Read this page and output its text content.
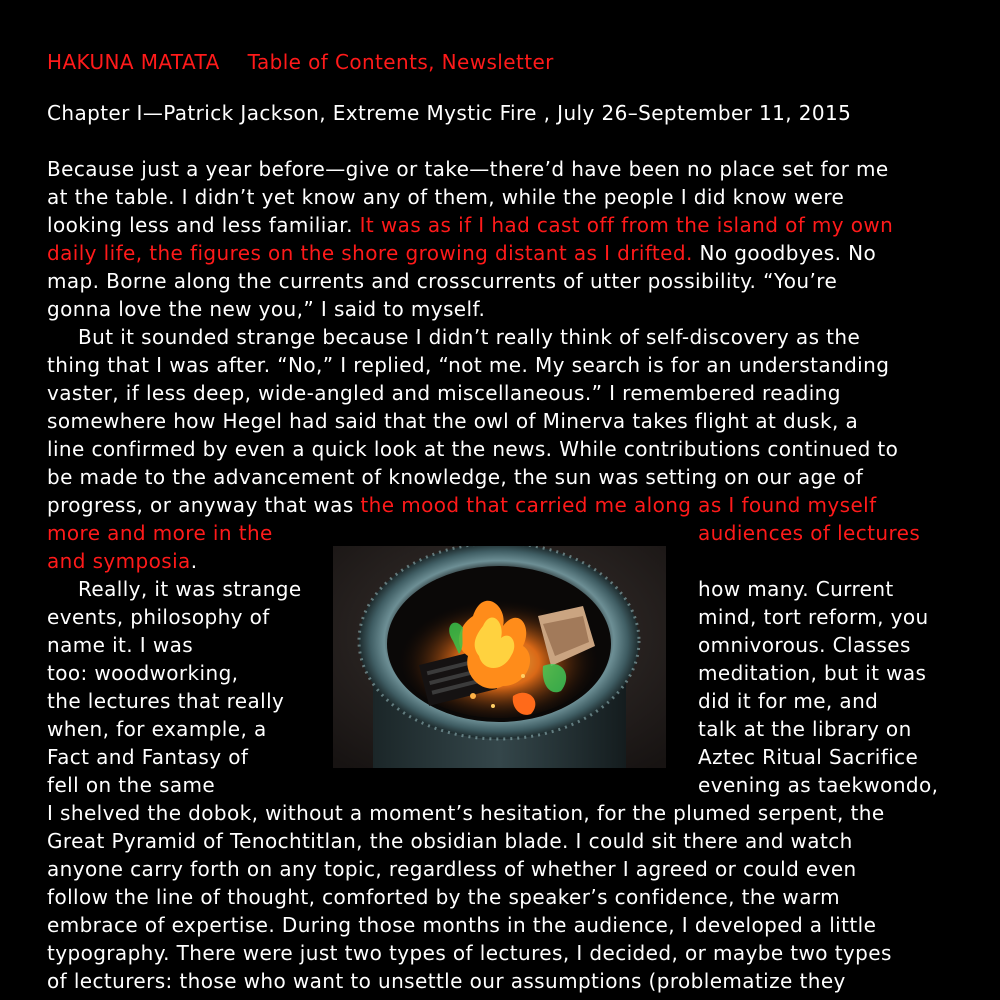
HAKUNA MATATA Table of Contents, Newsletter
Chapter I—Patrick Jackson, Extreme Mystic Fire , July 26–September 11, 2015
Because just a year before—give or take—there’d have been no place set for me
at the table. I didn’t yet know any of them, while the people I did know were
looking less and less familiar. It was as if I had cast off from the island of my own
daily life, the figures on the shore growing distant as I drifted. No goodbyes. No
map. Borne along the currents and crosscurrents of utter possibility. “You’re
gonna love the new you,” I said to myself.
But it sounded strange because I didn’t really think of self-discovery as the
thing that I was after. “No,” I replied, “not me. My search is for an understanding
vaster, if less deep, wide-angled and miscellaneous.” I remembered reading
somewhere how Hegel had said that the owl of Minerva takes flight at dusk, a
line confirmed by even a quick look at the news. While contributions continued to
be made to the advancement of knowledge, the sun was setting on our age of
progress, or anyway that was the mood that carried me along as I found myself
more and more in the	audiences of lectures
and symposia.
Really, it was strange	how many. Current
events, philosophy of	mind, tort reform, you
name it. I was	omnivorous. Classes
too: woodworking,	meditation, but it was
the lectures that really	did it for me, and
when, for example, a	talk at the library on
Fact and Fantasy of	Aztec Ritual Sacrifice
fell on the same	evening as taekwondo,
I shelved the dobok, without a moment’s hesitation, for the plumed serpent, the
Great Pyramid of Tenochtitlan, the obsidian blade. I could sit there and watch
anyone carry forth on any topic, regardless of whether I agreed or could even
follow the line of thought, comforted by the speaker’s confidence, the warm
embrace of expertise. During those months in the audience, I developed a little
typography. There were just two types of lectures, I decided, or maybe two types
of lecturers: those who want to unsettle our assumptions (problematize they
